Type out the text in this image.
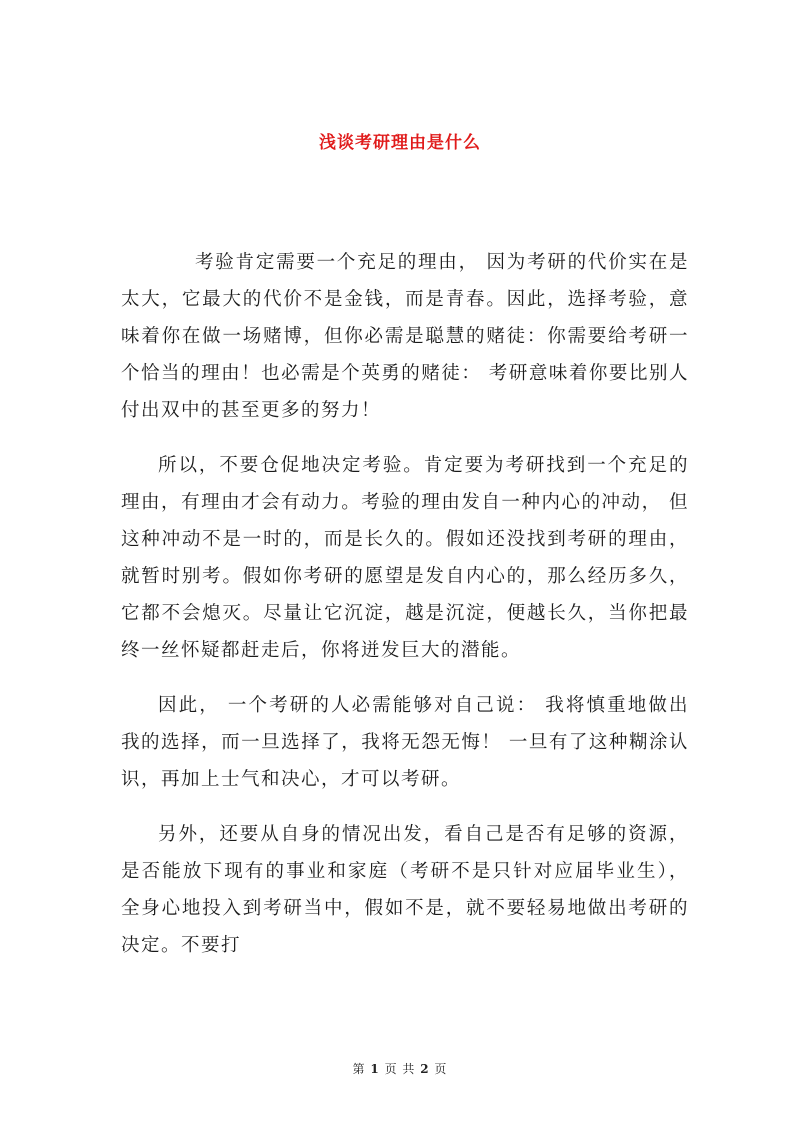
浅谈考研理由是什么

考验肯定需要一个充足的理由， 因为考研的代价实在是太大，它最大的代价不是金钱，而是青春。因此，选择考验，意味着你在做一场赌博，但你必需是聪慧的赌徒：你需要给考研一个恰当的理由！也必需是个英勇的赌徒： 考研意味着你要比别人付出双中的甚至更多的努力！

所以，不要仓促地决定考验。肯定要为考研找到一个充足的理由，有理由才会有动力。考验的理由发自一种内心的冲动， 但这种冲动不是一时的，而是长久的。假如还没找到考研的理由，就暂时别考。假如你考研的愿望是发自内心的，那么经历多久，它都不会熄灭。尽量让它沉淀，越是沉淀，便越长久，当你把最终一丝怀疑都赶走后，你将迸发巨大的潜能。

因此， 一个考研的人必需能够对自己说： 我将慎重地做出我的选择，而一旦选择了，我将无怨无悔！ 一旦有了这种糊涂认识，再加上士气和决心，才可以考研。

另外，还要从自身的情况出发，看自己是否有足够的资源，是否能放下现有的事业和家庭（考研不是只针对应届毕业生），全身心地投入到考研当中，假如不是，就不要轻易地做出考研的决定。不要打

第 1 页 共 2 页
